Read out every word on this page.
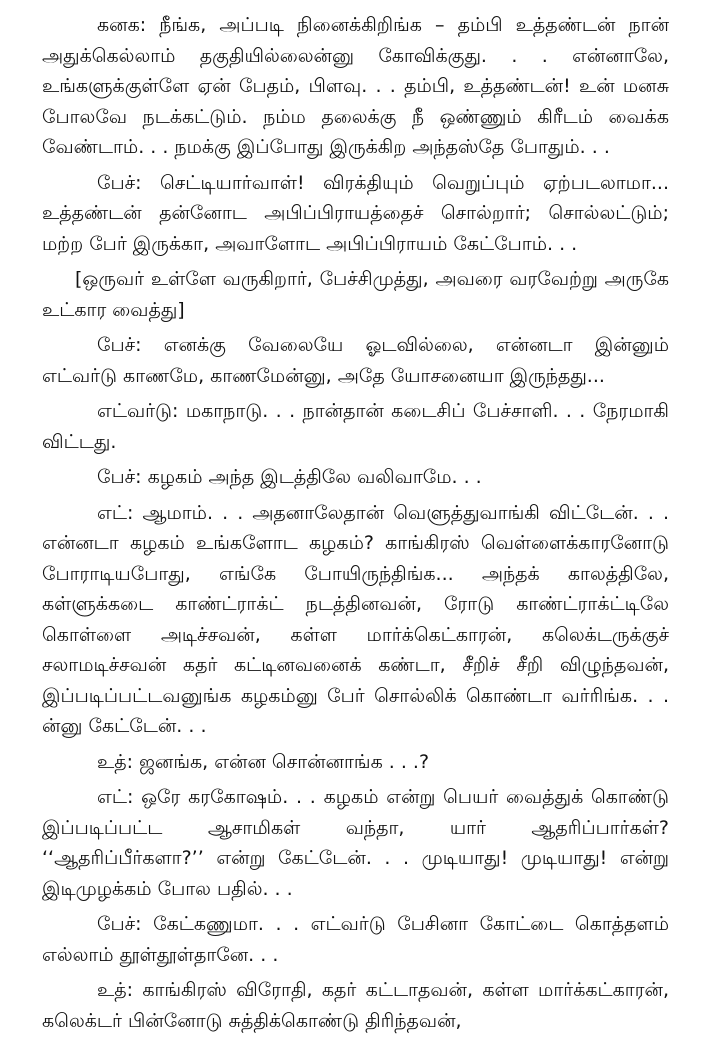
கனக: நீங்க, அப்படி நினைக்கிறிங்க – தம்பி உத்தண்டன் நான் அதுக்கெல்லாம் தகுதியில்லைன்னு கோவிக்குது. . . என்னாலே, உங்களுக்குள்ளே ஏன் பேதம், பிளவு. . . தம்பி, உத்தண்டன்! உன் மனசு போலவே நடக்கட்டும். நம்ம தலைக்கு நீ ஒண்ணும் கிரீடம் வைக்க வேண்டாம். . . நமக்கு இப்போது இருக்கிற அந்தஸ்தே போதும். . .

பேச்: செட்டியார்வாள்! விரக்தியும் வெறுப்பும் ஏற்படலாமா... உத்தண்டன் தன்னோட அபிப்பிராயத்தைச் சொல்றார்; சொல்லட்டும்; மற்ற பேர் இருக்கா, அவாளோட அபிப்பிராயம் கேட்போம். . .

[ஒருவர் உள்ளே வருகிறார், பேச்சிமுத்து, அவரை வரவேற்று அருகே உட்கார வைத்து]

பேச்: எனக்கு வேலையே ஓடவில்லை, என்னடா இன்னும் எட்வர்டு காணமே, காணமேன்னு, அதே யோசனையா இருந்தது...

எட்வர்டு: மகாநாடு. . . நான்தான் கடைசிப் பேச்சாளி. . . நேரமாகி விட்டது.

பேச்: கழகம் அந்த இடத்திலே வலிவாமே. . .

எட்: ஆமாம். . . அதனாலேதான் வெளுத்துவாங்கி விட்டேன். . . என்னடா கழகம் உங்களோட கழகம்? காங்கிரஸ் வெள்ளைக்காரனோடு போராடியபோது, எங்கே போயிருந்திங்க... அந்தக் காலத்திலே, கள்ளுக்கடை காண்ட்ராக்ட் நடத்தினவன், ரோடு காண்ட்ராக்ட்டிலே கொள்ளை அடிச்சவன், கள்ள மார்க்கெட்காரன், கலெக்டருக்குச் சலாமடிச்சவன் கதர் கட்டினவனைக் கண்டா, சீறிச் சீறி விழுந்தவன், இப்படிப்பட்டவனுங்க கழகம்னு பேர் சொல்லிக் கொண்டா வர்ரிங்க. . . ன்னு கேட்டேன். . .

உத்: ஜனங்க, என்ன சொன்னாங்க . . .?

எட்: ஒரே கரகோஷம். . . கழகம் என்று பெயர் வைத்துக் கொண்டு இப்படிப்பட்ட ஆசாமிகள் வந்தா, யார் ஆதரிப்பார்கள்? ‘‘ஆதரிப்பீர்களா?’’ என்று கேட்டேன். . . முடியாது! முடியாது! என்று இடிமுழக்கம் போல பதில். . .

பேச்: கேட்கணுமா. . . எட்வர்டு பேசினா கோட்டை கொத்தளம் எல்லாம் தூள்தூள்தானே. . .

உத்: காங்கிரஸ் விரோதி, கதர் கட்டாதவன், கள்ள மார்க்கட்காரன், கலெக்டர் பின்னோடு சுத்திக்கொண்டு திரிந்தவன்,
